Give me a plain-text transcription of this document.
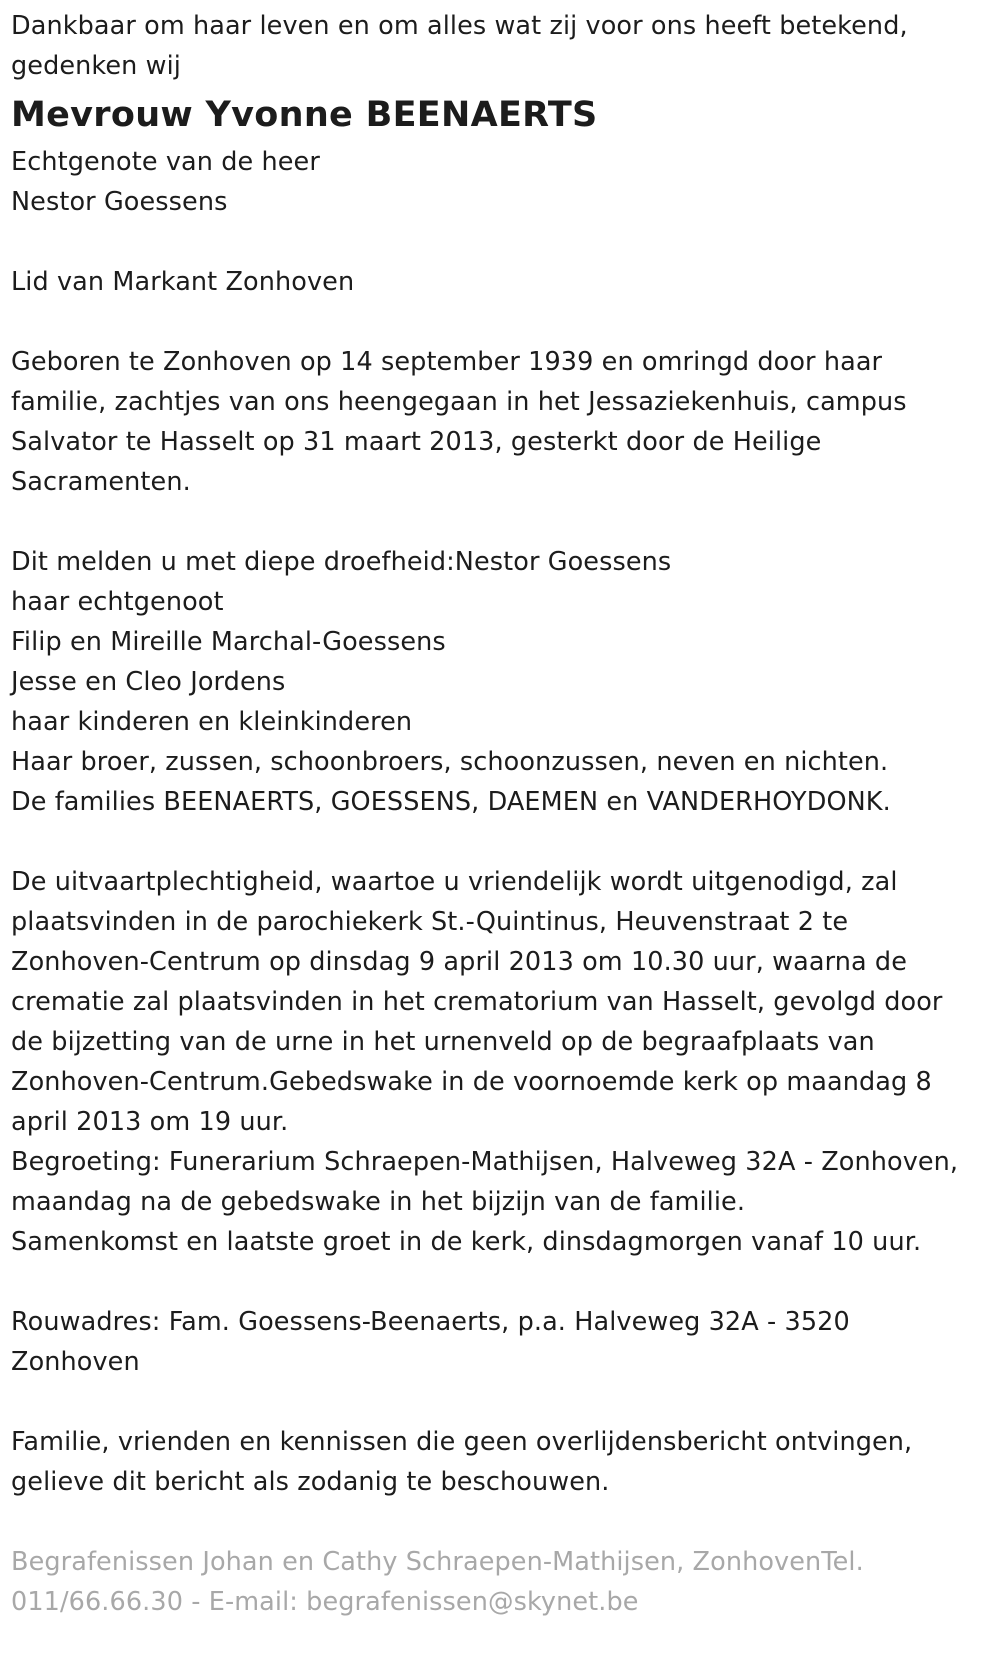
Dankbaar om haar leven en om alles wat zij voor ons heeft betekend,
gedenken wij
Mevrouw Yvonne BEENAERTS
Echtgenote van de heer
Nestor Goessens
Lid van Markant Zonhoven
Geboren te Zonhoven op 14 september 1939 en omringd door haar
familie, zachtjes van ons heengegaan in het Jessaziekenhuis, campus
Salvator te Hasselt op 31 maart 2013, gesterkt door de Heilige
Sacramenten.
Dit melden u met diepe droefheid:Nestor Goessens
haar echtgenoot
Filip en Mireille Marchal-Goessens
Jesse en Cleo Jordens
haar kinderen en kleinkinderen
Haar broer, zussen, schoonbroers, schoonzussen, neven en nichten.
De families BEENAERTS, GOESSENS, DAEMEN en VANDERHOYDONK.
De uitvaartplechtigheid, waartoe u vriendelijk wordt uitgenodigd, zal
plaatsvinden in de parochiekerk St.-Quintinus, Heuvenstraat 2 te
Zonhoven-Centrum op dinsdag 9 april 2013 om 10.30 uur, waarna de
crematie zal plaatsvinden in het crematorium van Hasselt, gevolgd door
de bijzetting van de urne in het urnenveld op de begraafplaats van
Zonhoven-Centrum.Gebedswake in de voornoemde kerk op maandag 8
april 2013 om 19 uur.
Begroeting: Funerarium Schraepen-Mathijsen, Halveweg 32A - Zonhoven,
maandag na de gebedswake in het bijzijn van de familie.
Samenkomst en laatste groet in de kerk, dinsdagmorgen vanaf 10 uur.
Rouwadres: Fam. Goessens-Beenaerts, p.a. Halveweg 32A - 3520
Zonhoven
Familie, vrienden en kennissen die geen overlijdensbericht ontvingen,
gelieve dit bericht als zodanig te beschouwen.
Begrafenissen Johan en Cathy Schraepen-Mathijsen, ZonhovenTel.
011/66.66.30 - E-mail: begrafenissen@skynet.be
